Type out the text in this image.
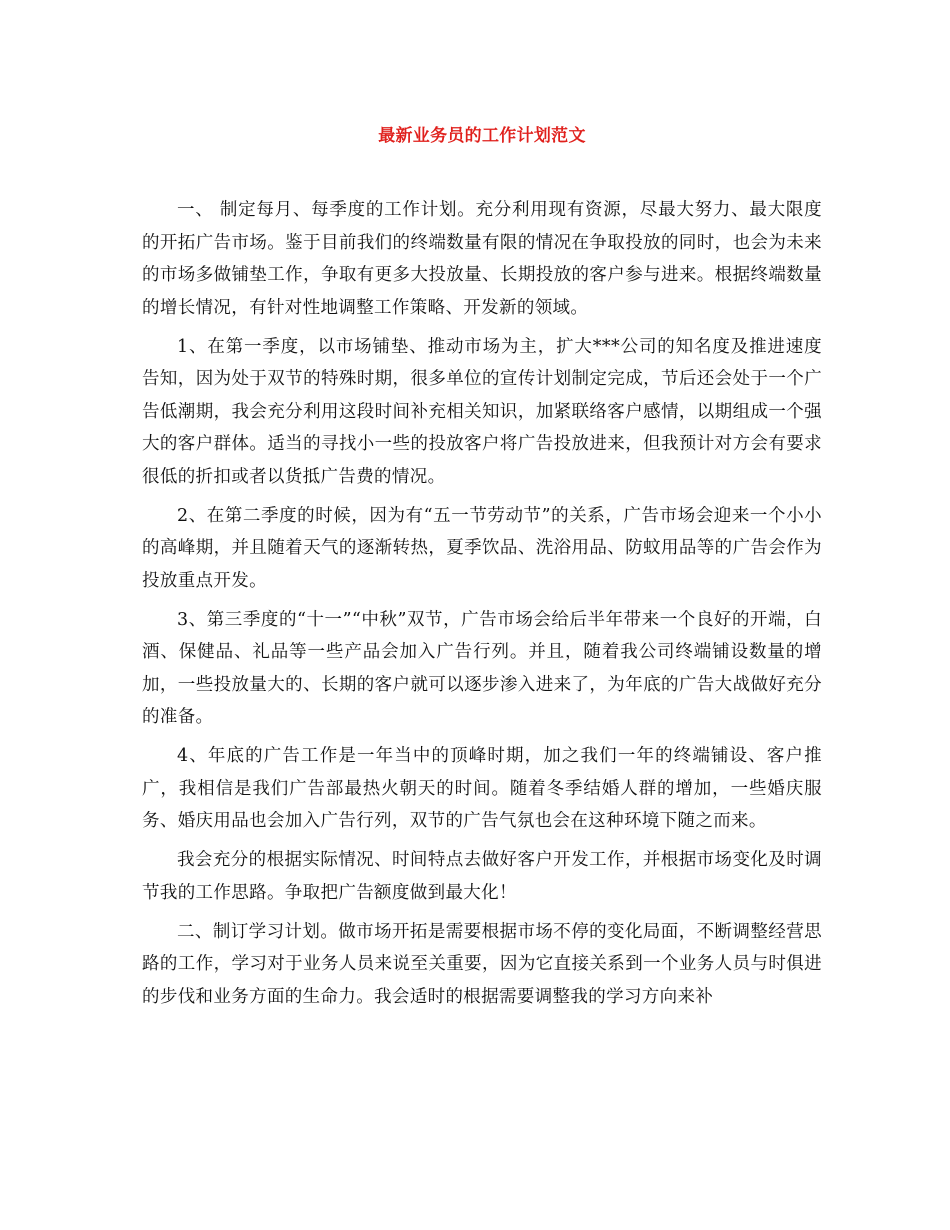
最新业务员的工作计划范文

一、 制定每月、每季度的工作计划。充分利用现有资源，尽最大努力、最大限度的开拓广告市场。鉴于目前我们的终端数量有限的情况在争取投放的同时，也会为未来的市场多做铺垫工作，争取有更多大投放量、长期投放的客户参与进来。根据终端数量的增长情况，有针对性地调整工作策略、开发新的领域。

1、在第一季度，以市场铺垫、推动市场为主，扩大***公司的知名度及推进速度告知，因为处于双节的特殊时期，很多单位的宣传计划制定完成，节后还会处于一个广告低潮期，我会充分利用这段时间补充相关知识，加紧联络客户感情，以期组成一个强大的客户群体。适当的寻找小一些的投放客户将广告投放进来，但我预计对方会有要求很低的折扣或者以货抵广告费的情况。

2、在第二季度的时候，因为有“五一节劳动节”的关系，广告市场会迎来一个小小的高峰期，并且随着天气的逐渐转热，夏季饮品、洗浴用品、防蚊用品等的广告会作为投放重点开发。

3、第三季度的“十一”“中秋”双节，广告市场会给后半年带来一个良好的开端，白酒、保健品、礼品等一些产品会加入广告行列。并且，随着我公司终端铺设数量的增加，一些投放量大的、长期的客户就可以逐步渗入进来了，为年底的广告大战做好充分的准备。

4、年底的广告工作是一年当中的顶峰时期，加之我们一年的终端铺设、客户推广，我相信是我们广告部最热火朝天的时间。随着冬季结婚人群的增加，一些婚庆服务、婚庆用品也会加入广告行列，双节的广告气氛也会在这种环境下随之而来。

我会充分的根据实际情况、时间特点去做好客户开发工作，并根据市场变化及时调节我的工作思路。争取把广告额度做到最大化！

二、制订学习计划。做市场开拓是需要根据市场不停的变化局面，不断调整经营思路的工作，学习对于业务人员来说至关重要，因为它直接关系到一个业务人员与时俱进的步伐和业务方面的生命力。我会适时的根据需要调整我的学习方向来补
